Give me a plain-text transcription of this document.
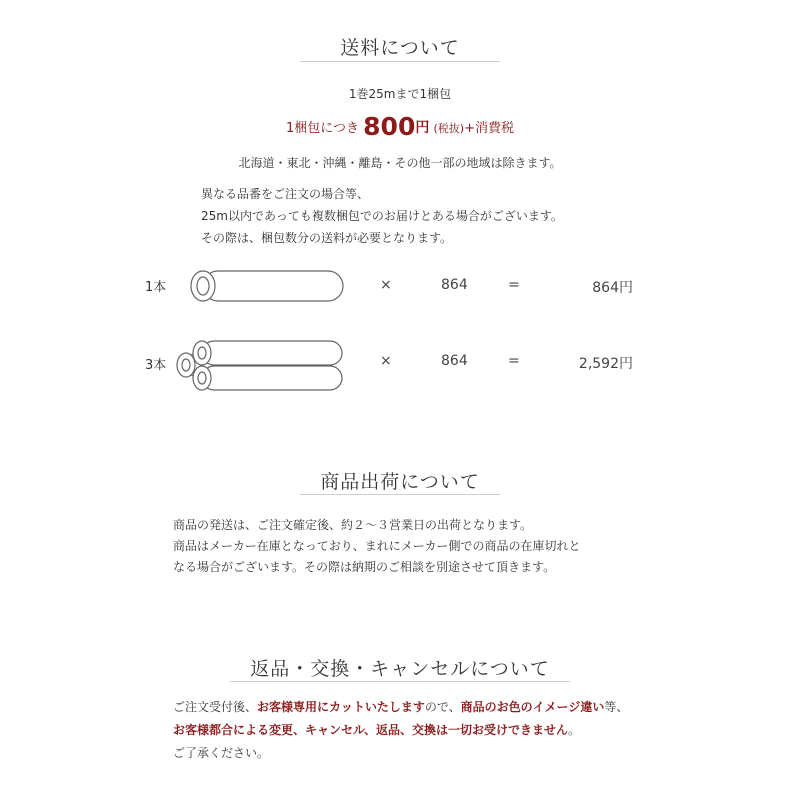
送料について
1巻25mまで1梱包
1梱包につき 800円 (税抜)+消費税
北海道・東北・沖縄・離島・その他一部の地域は除きます。
異なる品番をご注文の場合等、
25m以内であっても複数梱包でのお届けとある場合がございます。
その際は、梱包数分の送料が必要となります。
1本	×	864	=	864円
3本	×	864	=	2,592円
商品出荷について
商品の発送は、ご注文確定後、約２〜３営業日の出荷となります。
商品はメーカー在庫となっており、まれにメーカー側での商品の在庫切れと
なる場合がございます。その際は納期のご相談を別途させて頂きます。
返品・交換・キャンセルについて
ご注文受付後、お客様専用にカットいたしますので、商品のお色のイメージ違い等、
お客様都合による変更、キャンセル、返品、交換は一切お受けできません。
ご了承ください。
